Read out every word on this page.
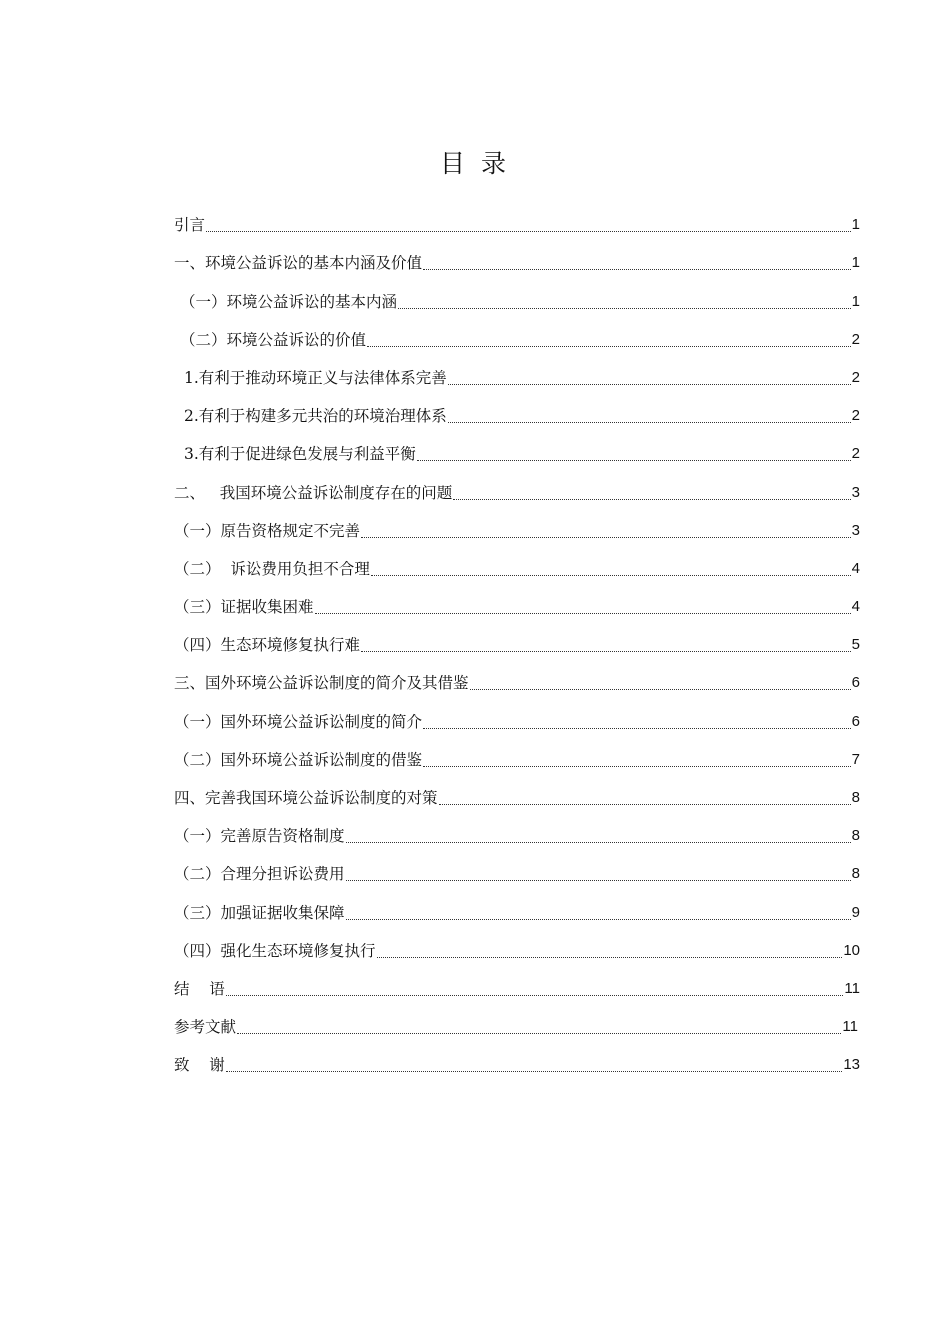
目 录
引言	1
一、环境公益诉讼的基本内涵及价值	1
（一）环境公益诉讼的基本内涵	1
（二）环境公益诉讼的价值	2
1.有利于推动环境正义与法律体系完善	2
2.有利于构建多元共治的环境治理体系	2
3.有利于促进绿色发展与利益平衡	2
二、   我国环境公益诉讼制度存在的问题	3
（一）原告资格规定不完善	3
（二）  诉讼费用负担不合理	4
（三）证据收集困难	4
（四）生态环境修复执行难	5
三、国外环境公益诉讼制度的简介及其借鉴	6
（一）国外环境公益诉讼制度的简介	6
（二）国外环境公益诉讼制度的借鉴	7
四、完善我国环境公益诉讼制度的对策	8
（一）完善原告资格制度	8
（二）合理分担诉讼费用	8
（三）加强证据收集保障	9
（四）强化生态环境修复执行	10
结    语	11
参考文献	11
致    谢	13
